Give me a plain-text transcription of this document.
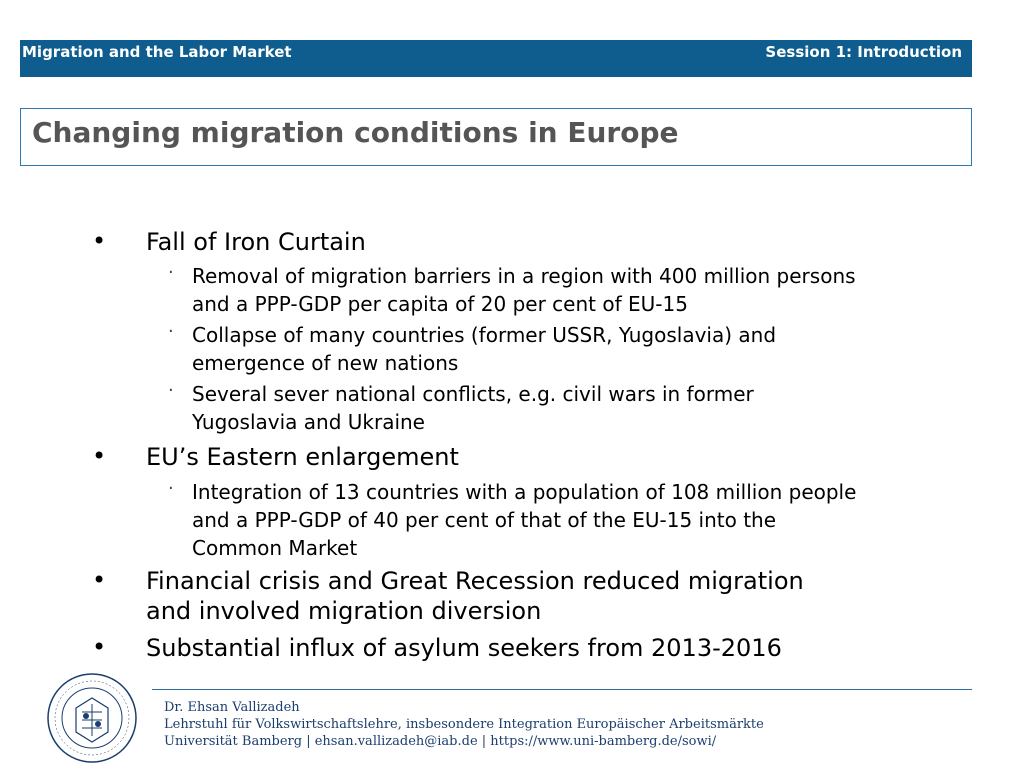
Migration and the Labor Market	Session 1: Introduction
Changing migration conditions in Europe
• Fall of Iron Curtain
· Removal of migration barriers in a region with 400 million persons
and a PPP-GDP per capita of 20 per cent of EU-15
· Collapse of many countries (former USSR, Yugoslavia) and
emergence of new nations
· Several sever national conflicts, e.g. civil wars in former
Yugoslavia and Ukraine
• EU’s Eastern enlargement
· Integration of 13 countries with a population of 108 million people
and a PPP-GDP of 40 per cent of that of the EU-15 into the
Common Market
• Financial crisis and Great Recession reduced migration
and involved migration diversion
• Substantial influx of asylum seekers from 2013-2016
Dr. Ehsan Vallizadeh
Lehrstuhl für Volkswirtschaftslehre, insbesondere Integration Europäischer Arbeitsmärkte
Universität Bamberg | ehsan.vallizadeh@iab.de | https://www.uni-bamberg.de/sowi/
